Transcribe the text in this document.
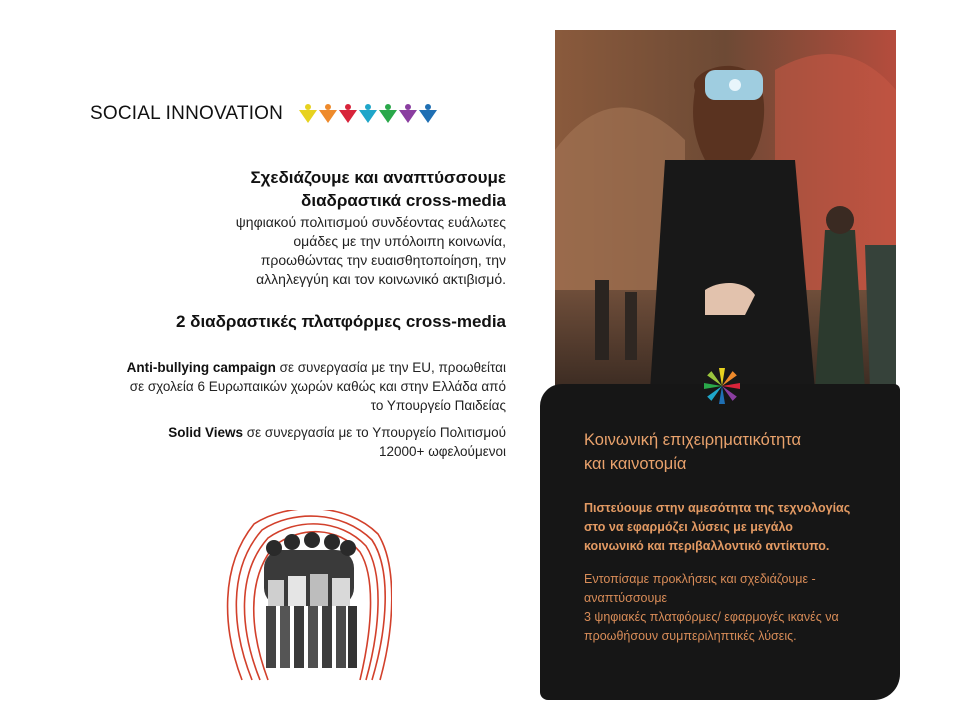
SOCIAL INNOVATION
Σχεδιάζουμε και αναπτύσσουμε
διαδραστικά cross-media
ψηφιακού πολιτισμού συνδέοντας ευάλωτες
ομάδες με την υπόλοιπη κοινωνία,
προωθώντας την ευαισθητοποίηση, την
αλληλεγγύη και τον κοινωνικό ακτιβισμό.
2 διαδραστικές πλατφόρμες cross-media
Anti-bullying campaign σε συνεργασία με την EU, προωθείται
σε σχολεία 6 Ευρωπαικών χωρών καθώς και στην Ελλάδα από
το Υπουργείο Παιδείας
Solid Views σε συνεργασία με το Υπουργείο Πολιτισμού
12000+ ωφελούμενοι
Κοινωνική επιχειρηματικότητα
και καινοτομία
Πιστεύουμε στην αμεσότητα της τεχνολογίας
στο να εφαρμόζει λύσεις με μεγάλο
κοινωνικό και περιβαλλοντικό αντίκτυπο.
Εντοπίσαμε προκλήσεις και σχεδιάζουμε -
αναπτύσσουμε
3 ψηφιακές πλατφόρμες/ εφαρμογές ικανές να
προωθήσουν συμπεριληπτικές λύσεις.
